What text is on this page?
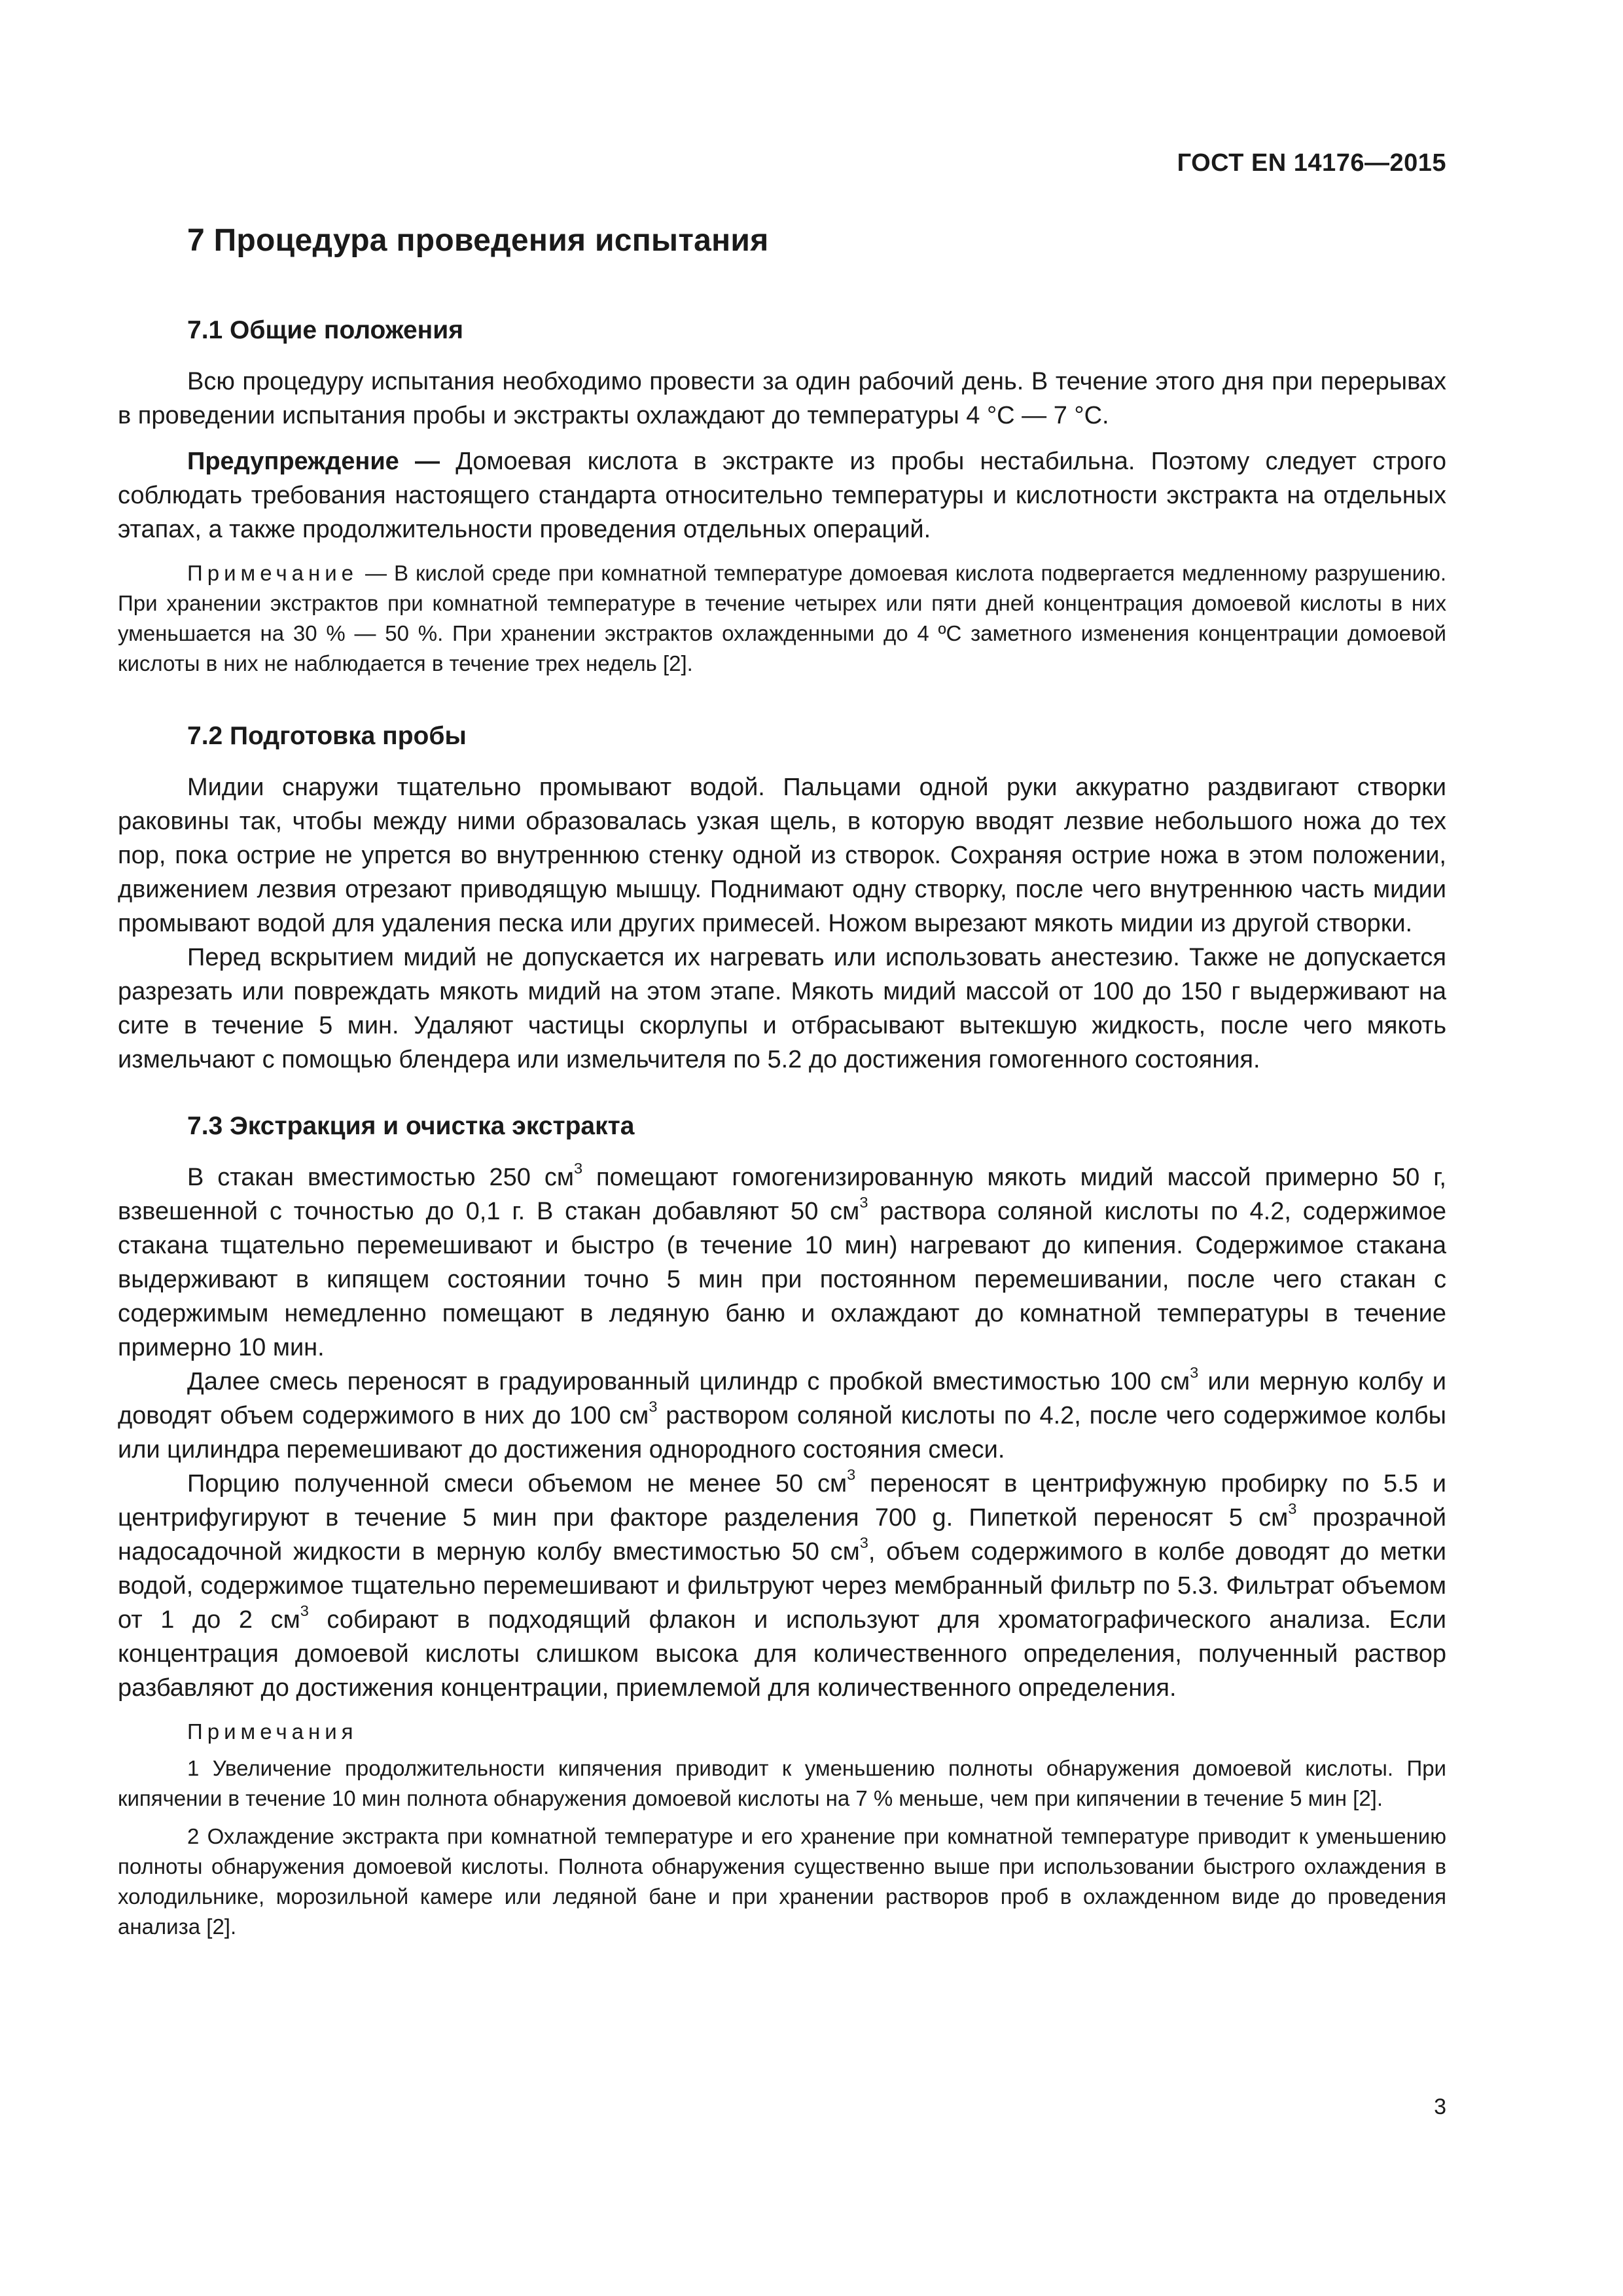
ГОСТ EN 14176—2015
7 Процедура проведения испытания
7.1 Общие положения

Всю процедуру испытания необходимо провести за один рабочий день. В течение этого дня при перерывах в проведении испытания пробы и экстракты охлаждают до температуры 4 °С — 7 °С.

Предупреждение — Домоевая кислота в экстракте из пробы нестабильна. Поэтому следует строго соблюдать требования настоящего стандарта относительно температуры и кислотности экстракта на отдельных этапах, а также продолжительности проведения отдельных операций.

Примечание — В кислой среде при комнатной температуре домоевая кислота подвергается медленному разрушению. При хранении экстрактов при комнатной температуре в течение четырех или пяти дней концентрация домоевой кислоты в них уменьшается на 30 % — 50 %. При хранении экстрактов охлажденными до 4 ºС заметного изменения концентрации домоевой кислоты в них не наблюдается в течение трех недель [2].

7.2 Подготовка пробы

Мидии снаружи тщательно промывают водой. Пальцами одной руки аккуратно раздвигают створки раковины так, чтобы между ними образовалась узкая щель, в которую вводят лезвие небольшого ножа до тех пор, пока острие не упрется во внутреннюю стенку одной из створок. Сохраняя острие ножа в этом положении, движением лезвия отрезают приводящую мышцу. Поднимают одну створку, после чего внутреннюю часть мидии промывают водой для удаления песка или других примесей. Ножом вырезают мякоть мидии из другой створки.

Перед вскрытием мидий не допускается их нагревать или использовать анестезию. Также не допускается разрезать или повреждать мякоть мидий на этом этапе. Мякоть мидий массой от 100 до 150 г выдерживают на сите в течение 5 мин. Удаляют частицы скорлупы и отбрасывают вытекшую жидкость, после чего мякоть измельчают с помощью блендера или измельчителя по 5.2 до достижения гомогенного состояния.

7.3 Экстракция и очистка экстракта

В стакан вместимостью 250 $см^3$ помещают гомогенизированную мякоть мидий массой примерно 50 г, взвешенной с точностью до 0,1 г. В стакан добавляют 50 $см^3$ раствора соляной кислоты по 4.2, содержимое стакана тщательно перемешивают и быстро (в течение 10 мин) нагревают до кипения. Содержимое стакана выдерживают в кипящем состоянии точно 5 мин при постоянном перемешивании, после чего стакан с содержимым немедленно помещают в ледяную баню и охлаждают до комнатной температуры в течение примерно 10 мин.

Далее смесь переносят в градуированный цилиндр с пробкой вместимостью 100 $см^3$ или мерную колбу и доводят объем содержимого в них до 100 $см^3$ раствором соляной кислоты по 4.2, после чего содержимое колбы или цилиндра перемешивают до достижения однородного состояния смеси.

Порцию полученной смеси объемом не менее 50 $см^3$ переносят в центрифужную пробирку по 5.5 и центрифугируют в течение 5 мин при факторе разделения 700 g. Пипеткой переносят 5 $см^3$ прозрачной надосадочной жидкости в мерную колбу вместимостью 50 $см^3$, объем содержимого в колбе доводят до метки водой, содержимое тщательно перемешивают и фильтруют через мембранный фильтр по 5.3. Фильтрат объемом от 1 до 2 $см^3$ собирают в подходящий флакон и используют для хроматографического анализа. Если концентрация домоевой кислоты слишком высока для количественного определения, полученный раствор разбавляют до достижения концентрации, приемлемой для количественного определения.

Примечания

1 Увеличение продолжительности кипячения приводит к уменьшению полноты обнаружения домоевой кислоты. При кипячении в течение 10 мин полнота обнаружения домоевой кислоты на 7 % меньше, чем при кипячении в течение 5 мин [2].

2 Охлаждение экстракта при комнатной температуре и его хранение при комнатной температуре приводит к уменьшению полноты обнаружения домоевой кислоты. Полнота обнаружения существенно выше при использовании быстрого охлаждения в холодильнике, морозильной камере или ледяной бане и при хранении растворов проб в охлажденном виде до проведения анализа [2].

3
